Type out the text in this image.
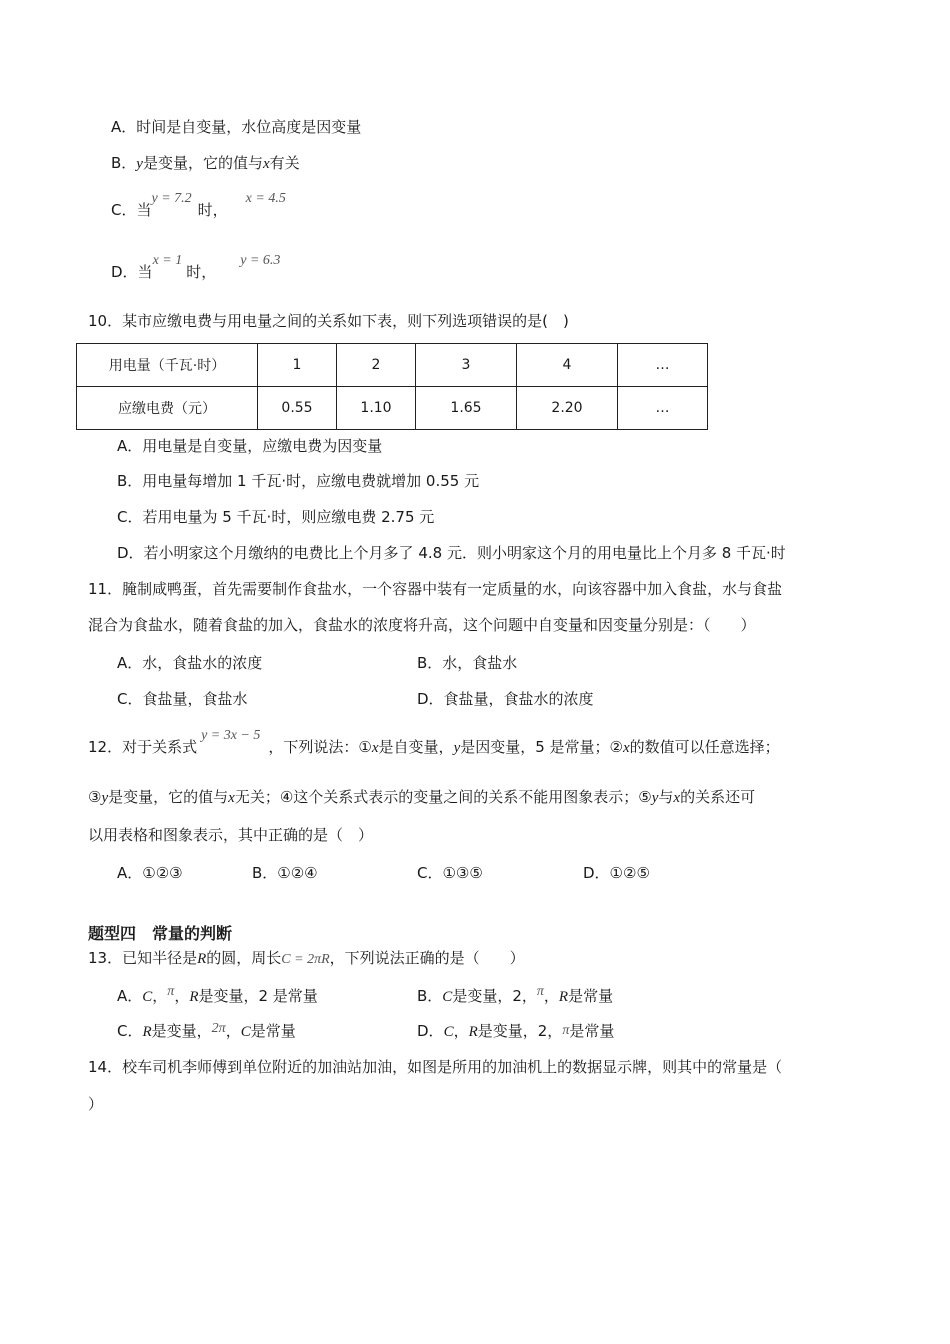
A．时间是自变量，水位高度是因变量
B．y是变量，它的值与x有关
C．当y = 7.2时，x = 4.5
D．当x = 1时，y = 6.3
10．某市应缴电费与用电量之间的关系如下表，则下列选项错误的是(　)
用电量（千瓦·时）	1	2	3	4	…
应缴电费（元）	0.55	1.10	1.65	2.20	…
A．用电量是自变量，应缴电费为因变量
B．用电量每增加 1 千瓦·时，应缴电费就增加 0.55 元
C．若用电量为 5 千瓦·时，则应缴电费 2.75 元
D．若小明家这个月缴纳的电费比上个月多了 4.8 元．则小明家这个月的用电量比上个月多 8 千瓦·时
11．腌制咸鸭蛋，首先需要制作食盐水，一个容器中装有一定质量的水，向该容器中加入食盐，水与食盐
混合为食盐水，随着食盐的加入，食盐水的浓度将升高，这个问题中自变量和因变量分别是：（　　）
A．水，食盐水的浓度	B．水，食盐水
C．食盐量，食盐水	D．食盐量，食盐水的浓度
12．对于关系式y = 3x − 5，下列说法：①x是自变量，y是因变量，5 是常量；②x的数值可以任意选择；
③y是变量，它的值与x无关；④这个关系式表示的变量之间的关系不能用图象表示；⑤y与x的关系还可
以用表格和图象表示，其中正确的是（　）
A．①②③	B．①②④	C．①③⑤	D．①②⑤
题型四　常量的判断
13．已知半径是R的圆，周长C = 2πR，下列说法正确的是（　　）
A．C，π，R是变量，2 是常量	B．C是变量，2，π，R是常量
C．R是变量，2π，C是常量	D．C，R是变量，2，π是常量
14．校车司机李师傅到单位附近的加油站加油，如图是所用的加油机上的数据显示牌，则其中的常量是（
）
